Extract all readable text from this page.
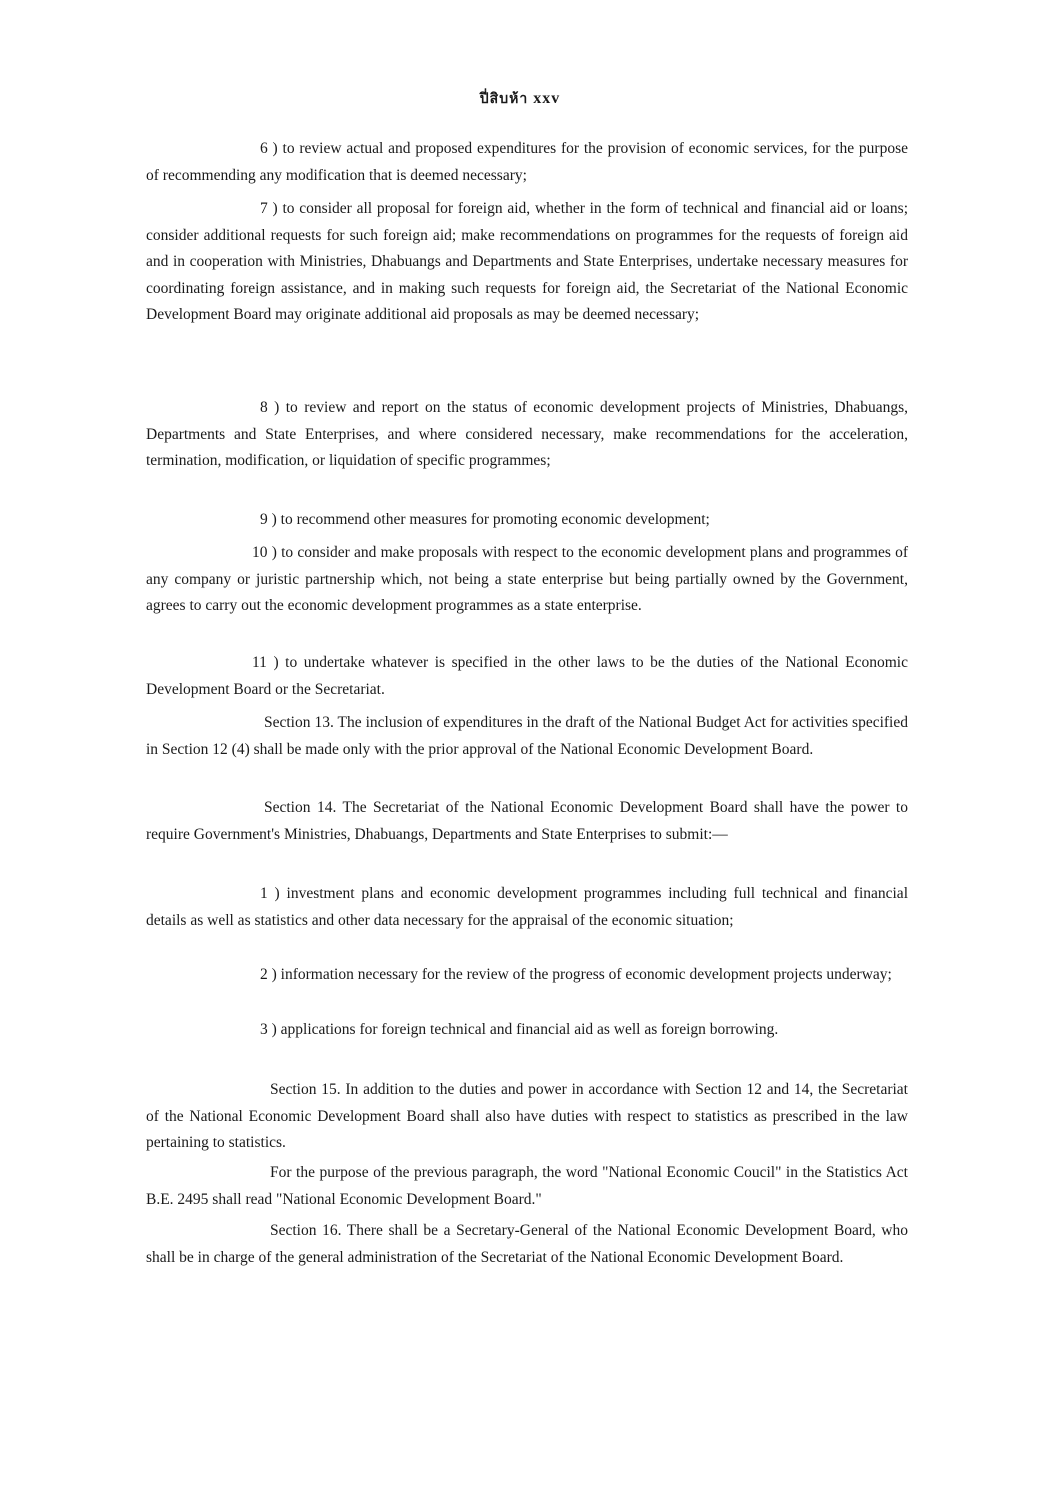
ปี่สิบห้า xxv

6 ) to review actual and proposed expenditures for the provision of economic services, for the purpose of recommending any modification that is deemed necessary;

7 ) to consider all proposal for foreign aid, whether in the form of technical and financial aid or loans; consider additional requests for such foreign aid; make recommendations on programmes for the requests of foreign aid and in cooperation with Ministries, Dhabuangs and Departments and State Enterprises, undertake necessary measures for coordinating foreign assistance, and in making such requests for foreign aid, the Secretariat of the National Economic Development Board may originate additional aid proposals as may be deemed necessary;

8 ) to review and report on the status of economic development projects of Ministries, Dhabuangs, Departments and State Enterprises, and where considered necessary, make recommendations for the acceleration, termination, modification, or liquidation of specific programmes;

9 ) to recommend other measures for promoting economic development;

10 ) to consider and make proposals with respect to the economic development plans and programmes of any company or juristic partnership which, not being a state enterprise but being partially owned by the Government, agrees to carry out the economic development programmes as a state enterprise.

11 ) to undertake whatever is specified in the other laws to be the duties of the National Economic Development Board or the Secretariat.

Section 13. The inclusion of expenditures in the draft of the National Budget Act for activities specified in Section 12 (4) shall be made only with the prior approval of the National Economic Development Board.

Section 14. The Secretariat of the National Economic Development Board shall have the power to require Government's Ministries, Dhabuangs, Departments and State Enterprises to submit:—

1 ) investment plans and economic development programmes including full technical and financial details as well as statistics and other data necessary for the appraisal of the economic situation;

2 ) information necessary for the review of the progress of economic development projects underway;

3 ) applications for foreign technical and financial aid as well as foreign borrowing.

Section 15. In addition to the duties and power in accordance with Section 12 and 14, the Secretariat of the National Economic Development Board shall also have duties with respect to statistics as prescribed in the law pertaining to statistics.

For the purpose of the previous paragraph, the word "National Economic Coucil" in the Statistics Act B.E. 2495 shall read "National Economic Development Board."

Section 16. There shall be a Secretary-General of the National Economic Development Board, who shall be in charge of the general administration of the Secretariat of the National Economic Development Board.
